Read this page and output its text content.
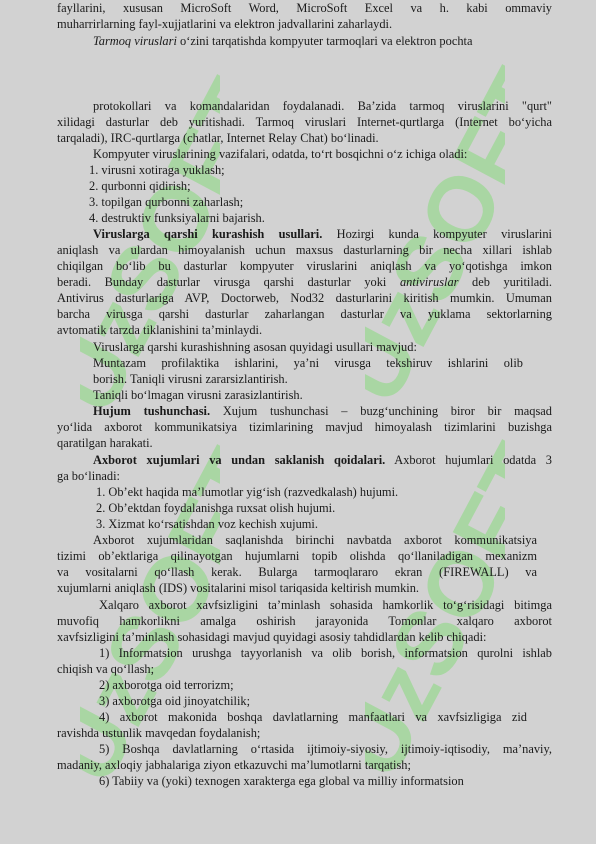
UzSOFT UzSOFT
UzSOFT UzSOFT
fayllarini, xususan MicroSoft Word, MicroSoft Excel va h. kabi ommaviy
muharrirlarning fayl-xujjatlarini va elektron jadvallarini zaharlaydi.
Tarmoq viruslari o‘zini tarqatishda kompyuter tarmoqlari va elektron pochta
protokollari va komandalaridan foydalanadi. Ba’zida tarmoq viruslarini "qurt"
xilidagi dasturlar deb yuritishadi. Tarmoq viruslari Internet-qurtlarga (Internet bo‘yicha
tarqaladi), IRC-qurtlarga (chatlar, Internet Relay Chat) bo‘linadi.
Kompyuter viruslarining vazifalari, odatda, to‘rt bosqichni o‘z ichiga oladi:
1. virusni xotiraga yuklash;
2. qurbonni qidirish;
3. topilgan qurbonni zaharlash;
4. destruktiv funksiyalarni bajarish.
Viruslarga qarshi kurashish usullari. Hozirgi kunda kompyuter viruslarini
aniqlash va ulardan himoyalanish uchun maxsus dasturlarning bir necha xillari ishlab
chiqilgan bo‘lib bu dasturlar kompyuter viruslarini aniqlash va yo‘qotishga imkon
beradi. Bunday dasturlar virusga qarshi dasturlar yoki antiviruslar deb yuritiladi.
Antivirus dasturlariga AVP, Doctorweb, Nod32 dasturlarini kiritish mumkin. Umuman
barcha virusga qarshi dasturlar zaharlangan dasturlar va yuklama sektorlarning
avtomatik tarzda tiklanishini ta’minlaydi.
Viruslarga qarshi kurashishning asosan quyidagi usullari mavjud:
Muntazam profilaktika ishlarini, ya’ni virusga tekshiruv ishlarini olib
borish. Taniqli virusni zararsizlantirish.
Taniqli bo‘lmagan virusni zarasizlantirish.
Hujum tushunchasi. Xujum tushunchasi – buzg‘unchining biror bir maqsad
yo‘lida axborot kommunikatsiya tizimlarining mavjud himoyalash tizimlarini buzishga
qaratilgan harakati.
Axborot xujumlari va undan saklanish qoidalari. Axborot hujumlari odatda 3
ga bo‘linadi:
1. Ob’ekt haqida ma’lumotlar yig‘ish (razvedkalash) hujumi.
2. Ob’ektdan foydalanishga ruxsat olish hujumi.
3. Xizmat ko‘rsatishdan voz kechish xujumi.
Axborot xujumlaridan saqlanishda birinchi navbatda axborot kommunikatsiya
tizimi ob’ektlariga qilinayotgan hujumlarni topib olishda qo‘llaniladigan mexanizm
va vositalarni qo‘llash kerak. Bularga tarmoqlararo ekran (FIREWALL) va
xujumlarni aniqlash (IDS) vositalarini misol tariqasida keltirish mumkin.
Xalqaro axborot xavfsizligini ta’minlash sohasida hamkorlik to‘g‘risidagi bitimga
muvofiq hamkorlikni amalga oshirish jarayonida Tomonlar xalqaro axborot
xavfsizligini ta’minlash sohasidagi mavjud quyidagi asosiy tahdidlardan kelib chiqadi:
1) Informatsion urushga tayyorlanish va olib borish, informatsion qurolni ishlab
chiqish va qo‘llash;
2) axborotga oid terrorizm;
3) axborotga oid jinoyatchilik;
4) axborot makonida boshqa davlatlarning manfaatlari va xavfsizligiga zid
ravishda ustunlik mavqedan foydalanish;
5) Boshqa davlatlarning o‘rtasida ijtimoiy-siyosiy, ijtimoiy-iqtisodiy, ma’naviy,
madaniy, axloqiy jabhalariga ziyon etkazuvchi ma’lumotlarni tarqatish;
6) Tabiiy va (yoki) texnogen xarakterga ega global va milliy informatsion
